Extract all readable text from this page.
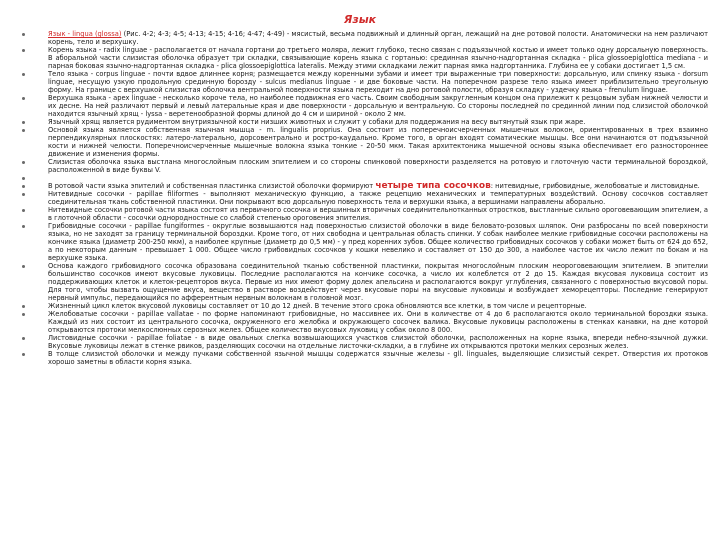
Язык

Язык - lingua (glossa) (Рис. 4-2; 4-3; 4-5; 4-13; 4-15; 4-16; 4-47; 4-49) - мясистый, весьма подвижный и длинный орган, лежащий на дне ротовой полости. Анатомически на нем различают корень, тело и верхушку.

Корень языка - radix linguae - располагается от начала гортани до третьего моляра, лежит глубоко, тесно связан с подъязычной костью и имеет только одну дорсальную поверхность. В аборальной части слизистая оболочка образует три складки, связывающие корень языка с гортанью: срединная язычно-надгортанная складка - plica glossoepiglottica mediana - и парная боковая язычно-надгортанная складка - plica glossoepiglottica lateralis. Между этими складками лежит парная ямка надгортанника. Глубина ее у собаки достигает 1,5 см.

Тело языка - corpus linguae - почти вдвое длиннее корня; размещается между коренными зубами и имеет три выраженные три поверхности: дорсальную, или спинку языка - dorsum linguae, несущую узкую продольную срединную борозду - sulcus medianus linguae - и две боковые части. На поперечном разрезе тело языка имеет приблизительно треугольную форму. На границе с верхушкой слизистая оболочка вентральной поверхности языка переходит на дно ротовой полости, образуя складку - уздечку языка - frenulum linguae.

Верхушка языка - apex linguae - несколько короче тела, но наиболее подвижная его часть. Своим свободным закругленным концом она прилежит к резцовым зубам нижней челюсти и их десне. На ней различают первый и левый латеральные края и две поверхности - дорсальную и вентральную. Со стороны последней по срединной линии под слизистой оболочкой находится язычный хрящ - lyssa - веретенообразной формы длиной до 4 см и шириной - около 2 мм.

Язычный хрящ является рудиментом внутриязычной кости низших животных и служит у собаки для поддержания на весу вытянутый язык при жаре.

Основой языка является собственная язычная мышца - m. lingualis proprius. Она состоит из поперечноисчерченных мышечных волокон, ориентированных в трех взаимно перпендикулярных плоскостях: латеро-латерально, дорсовентрально и ростро-каудально. Кроме того, в орган входят соматические мышцы. Все они начинаются от подъязычной кости и нижней челюсти. Поперечноисчерченные мышечные волокна языка тонкие - 20-50 мкм. Такая архитектоника мышечной основы языка обеспечивает его разностороннее движение и изменения формы.

Слизистая оболочка языка выстлана многослойным плоским эпителием и со стороны спинковой поверхности разделяется на ротовую и глоточную части терминальной бороздкой, расположенной в виде буквы V.

В ротовой части языка эпителий и собственная пластинка слизистой оболочки формируют четыре типа сосочков: нитевидные, грибовидные, желобоватые и листовидные.

Нитевидные сосочки - papillae filiformes - выполняют механическую функцию, а также рецепцию механических и температурных воздействий. Основу сосочков составляет соединительная ткань собственной пластинки. Они покрывают всю дорсальную поверхность тела и верхушки языка, а вершинами направлены аборально.

Нитевидные сосочки ротовой части языка состоят из первичного сосочка и вершинных вторичных соединительнотканных отростков, выстланные сильно ороговевающим эпителием, а в глоточной области - сосочки однородностные со слабой степенью ороговения эпителия.

Грибовидные сосочки - papillae fungiformes - округлые возвышаются над поверхностью слизистой оболочки в виде беловато-розовых шляпок. Они разбросаны по всей поверхности языка, но не заходят за границу терминальной бороздки. Кроме того, от них свободна и центральная область спинки. У собак наиболее мелкие грибовидные сосочки расположены на кончике языка (диаметр 200-250 мкм), а наиболее крупные (диаметр до 0,5 мм) - у пред коренних зубов. Общее количество грибовидных сосочков у собаки может быть от 624 до 652, а по некоторым данным - превышает 1 000. Общее число грибовидных сосочков у кошки невелико и составляет от 150 до 300, а наиболее частое их число лежит по бокам и на верхушке языка.

Основа каждого грибовидного сосочка образована соединительной тканью собственной пластинки, покрытая многослойным плоским неороговевающим эпителием. В эпителии большинство сосочков имеют вкусовые луковицы. Последние располагаются на кончике сосочка, а число их колеблется от 2 до 15. Каждая вкусовая луковица состоит из поддерживающих клеток и клеток-рецепторов вкуса. Первые из них имеют форму долек апельсина и располагаются вокруг углубления, связанного с поверхностью вкусовой поры. Для того, чтобы вызвать ощущение вкуса, вещество в растворе воздействует через вкусовые поры на вкусовые луковицы и возбуждает хеморецепторы. Последние генерируют нервный импульс, передающийся по афферентным нервным волокнам в головной мозг.

Жизненный цикл клеток вкусовой луковицы составляет от 10 до 12 дней. В течение этого срока обновляются все клетки, в том числе и рецепторные.

Желобоватые сосочки - papillae vallatae - по форме напоминают грибовидные, но массивнее их. Они в количестве от 4 до 6 располагаются около терминальной бороздки языка. Каждый из них состоит из центрального сосочка, окруженного его желобка и окружающего сосочек валика. Вкусовые луковицы расположены в стенках канавки, на дне которой открываются протоки мелкослюнных серозных желез. Общее количество вкусовых луковиц у собак около 8 000.

Листовидные сосочки - papillae foliatae - в виде овальных слегка возвышающихся участков слизистой оболочки, расположенных на корне языка, впереди небно-язычной дужки. Вкусовые луковицы лежат в стенке рвиков, разделяющих сосочки на отдельные листочки-складки, а в глубине их открываются протоки мелких серозных желез.

В толще слизистой оболочки и между пучками собственной язычной мышцы содержатся язычные железы - gll. linguales, выделяющие слизистый секрет. Отверстия их протоков хорошо заметны в области корня языка.
